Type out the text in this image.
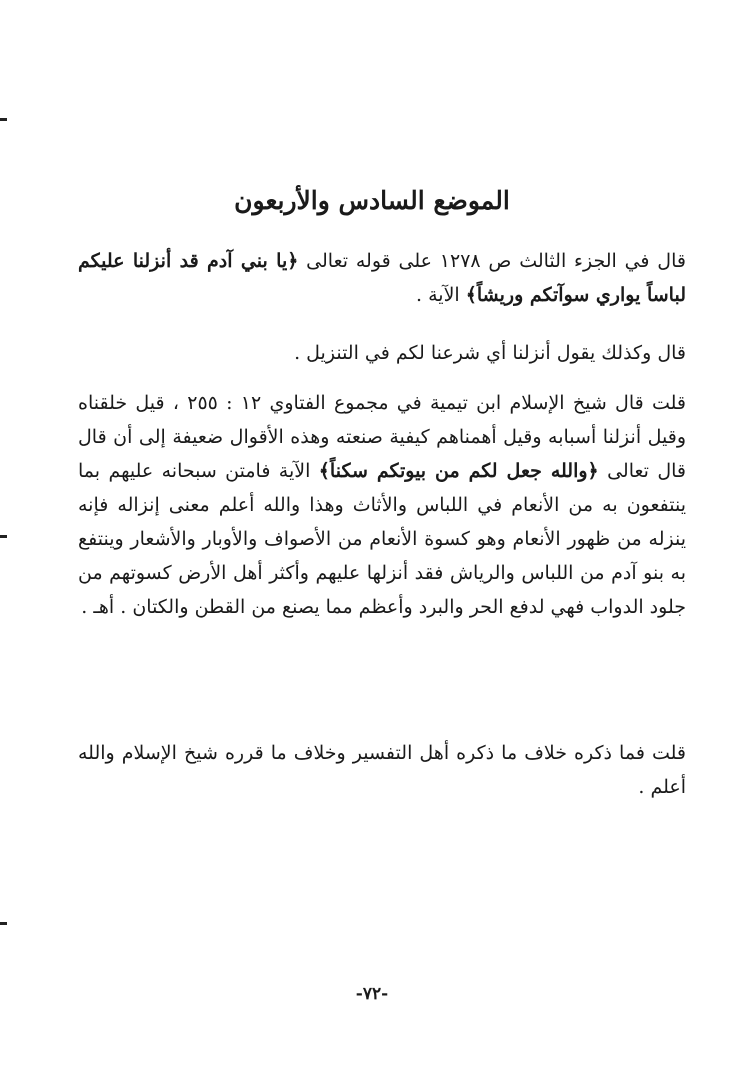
الموضع السادس والأربعون
قال في الجزء الثالث ص ١٢٧٨ على قوله تعالى ﴿يا بني آدم قد أنزلنا عليكم لباساً يواري سوآتكم وريشاً﴾ الآية .
قال وكذلك يقول أنزلنا أي شرعنا لكم في التنزيل .
قلت قال شيخ الإسلام ابن تيمية في مجموع الفتاوي ١٢ : ٢٥٥ ، قيل خلقناه وقيل أنزلنا أسبابه وقيل أهمناهم كيفية صنعته وهذه الأقوال ضعيفة إلى أن قال قال تعالى ﴿والله جعل لكم من بيوتكم سكناً﴾ الآية فامتن سبحانه عليهم بما ينتفعون به من الأنعام في اللباس والأثاث وهذا والله أعلم معنى إنزاله فإنه ينزله من ظهور الأنعام وهو كسوة الأنعام من الأصواف والأوبار والأشعار وينتفع به بنو آدم من اللباس والرياش فقد أنزلها عليهم وأكثر أهل الأرض كسوتهم من جلود الدواب فهي لدفع الحر والبرد وأعظم مما يصنع من القطن والكتان . أهـ .
قلت فما ذكره خلاف ما ذكره أهل التفسير وخلاف ما قرره شيخ الإسلام والله أعلم .
-٧٢-
